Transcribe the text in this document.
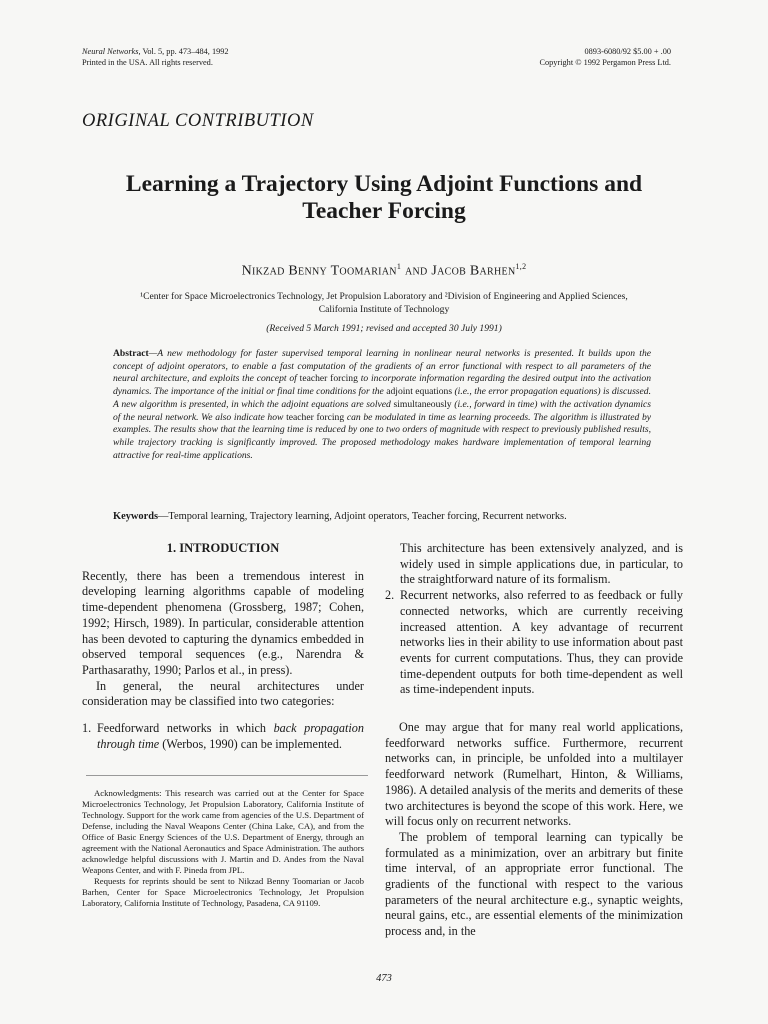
Neural Networks, Vol. 5, pp. 473–484, 1992
Printed in the USA. All rights reserved.
0893-6080/92 $5.00 + .00
Copyright © 1992 Pergamon Press Ltd.
ORIGINAL CONTRIBUTION
Learning a Trajectory Using Adjoint Functions and
Teacher Forcing
Nikzad Benny Toomarian$^1$ and Jacob Barhen$^{1,2}$
¹Center for Space Microelectronics Technology, Jet Propulsion Laboratory and ²Division of Engineering and Applied Sciences,
California Institute of Technology
(Received 5 March 1991; revised and accepted 30 July 1991)
Abstract—A new methodology for faster supervised temporal learning in nonlinear neural networks is presented. It builds upon the concept of adjoint operators, to enable a fast computation of the gradients of an error functional with respect to all parameters of the neural architecture, and exploits the concept of teacher forcing to incorporate information regarding the desired output into the activation dynamics. The importance of the initial or final time conditions for the adjoint equations (i.e., the error propagation equations) is discussed. A new algorithm is presented, in which the adjoint equations are solved simultaneously (i.e., forward in time) with the activation dynamics of the neural network. We also indicate how teacher forcing can be modulated in time as learning proceeds. The algorithm is illustrated by examples. The results show that the learning time is reduced by one to two orders of magnitude with respect to previously published results, while trajectory tracking is significantly improved. The proposed methodology makes hardware implementation of temporal learning attractive for real-time applications.
Keywords—Temporal learning, Trajectory learning, Adjoint operators, Teacher forcing, Recurrent networks.
1. INTRODUCTION

Recently, there has been a tremendous interest in developing learning algorithms capable of modeling time-dependent phenomena (Grossberg, 1987; Cohen, 1992; Hirsch, 1989). In particular, considerable attention has been devoted to capturing the dynamics embedded in observed temporal sequences (e.g., Narendra & Parthasarathy, 1990; Parlos et al., in press).

In general, the neural architectures under consideration may be classified into two categories:

1. Feedforward networks in which back propagation through time (Werbos, 1990) can be implemented.

Acknowledgments: This research was carried out at the Center for Space Microelectronics Technology, Jet Propulsion Laboratory, California Institute of Technology. Support for the work came from agencies of the U.S. Department of Defense, including the Naval Weapons Center (China Lake, CA), and from the Office of Basic Energy Sciences of the U.S. Department of Energy, through an agreement with the National Aeronautics and Space Administration. The authors acknowledge helpful discussions with J. Martin and D. Andes from the Naval Weapons Center, and with F. Pineda from JPL.

Requests for reprints should be sent to Nikzad Benny Toomarian or Jacob Barhen, Center for Space Microelectronics Technology, Jet Propulsion Laboratory, California Institute of Technology, Pasadena, CA 91109.

This architecture has been extensively analyzed, and is widely used in simple applications due, in particular, to the straightforward nature of its formalism.
2. Recurrent networks, also referred to as feedback or fully connected networks, which are currently receiving increased attention. A key advantage of recurrent networks lies in their ability to use information about past events for current computations. Thus, they can provide time-dependent outputs for both time-dependent as well as time-independent inputs.

One may argue that for many real world applications, feedforward networks suffice. Furthermore, recurrent networks can, in principle, be unfolded into a multilayer feedforward network (Rumelhart, Hinton, & Williams, 1986). A detailed analysis of the merits and demerits of these two architectures is beyond the scope of this work. Here, we will focus only on recurrent networks.

The problem of temporal learning can typically be formulated as a minimization, over an arbitrary but finite time interval, of an appropriate error functional. The gradients of the functional with respect to the various parameters of the neural architecture e.g., synaptic weights, neural gains, etc., are essential elements of the minimization process and, in the

473
